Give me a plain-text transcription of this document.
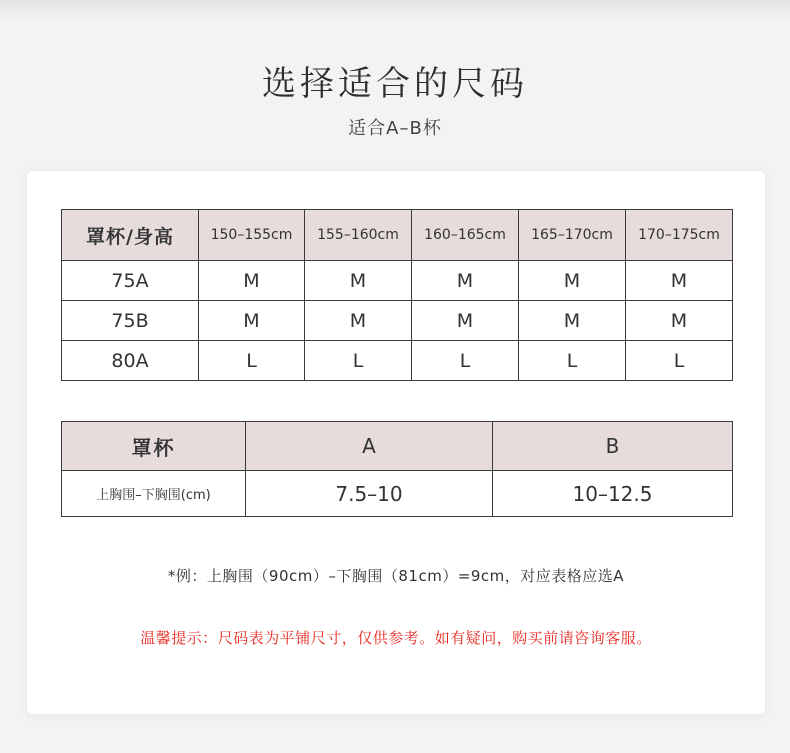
选择适合的尺码
适合A–B杯
罩杯/身高	150–155cm	155–160cm	160–165cm	165–170cm	170–175cm
75A	M	M	M	M	M
75B	M	M	M	M	M
80A	L	L	L	L	L
罩杯	A	B
上胸围–下胸围(cm)	7.5–10	10–12.5
*例：上胸围（90cm）–下胸围（81cm）=9cm，对应表格应选A
温馨提示：尺码表为平铺尺寸，仅供参考。如有疑问，购买前请咨询客服。
